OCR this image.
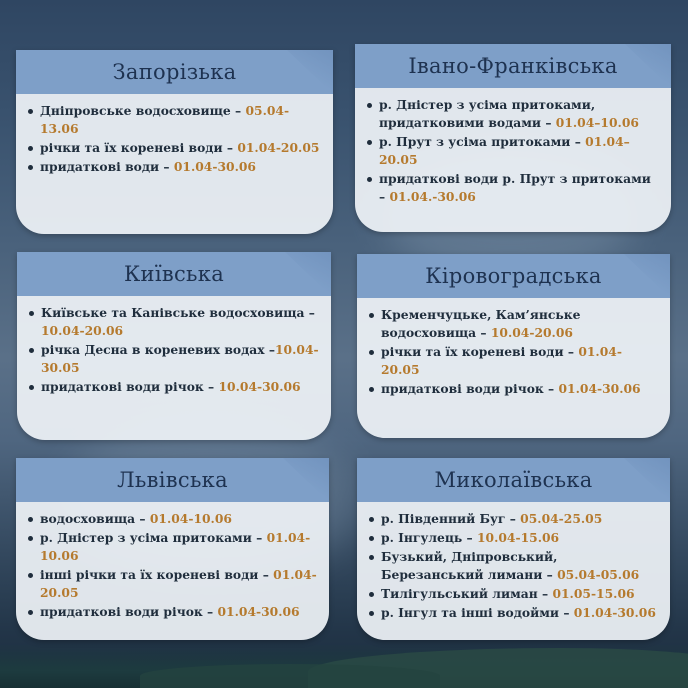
Запорізька
Дніпровське водосховище – 05.04-13.06
річки та їх кореневі води – 01.04-20.05
придаткові води – 01.04-30.06
Івано-Франківська
р. Дністер з усіма притоками, придатковими водами – 01.04–10.06
р. Прут з усіма притоками – 01.04–20.05
придаткові води р. Прут з притоками – 01.04.-30.06
Київська
Київське та Канівське водосховища – 10.04-20.06
річка Десна в кореневих водах –10.04-30.05
придаткові води річок – 10.04-30.06
Кіровоградська
Кременчуцьке, Кам’янське водосховища – 10.04-20.06
річки та їх кореневі води – 01.04-20.05
придаткові води річок – 01.04-30.06
Львівська
водосховища – 01.04-10.06
р. Дністер з усіма притоками – 01.04-10.06
інші річки та їх кореневі води – 01.04-20.05
придаткові води річок – 01.04-30.06
Миколаївська
р. Південний Буг – 05.04-25.05
р. Інгулець – 10.04-15.06
Бузький, Дніпровський, Березанський лимани – 05.04-05.06
Тилігульський лиман – 01.05-15.06
р. Інгул та інші водойми – 01.04-30.06
